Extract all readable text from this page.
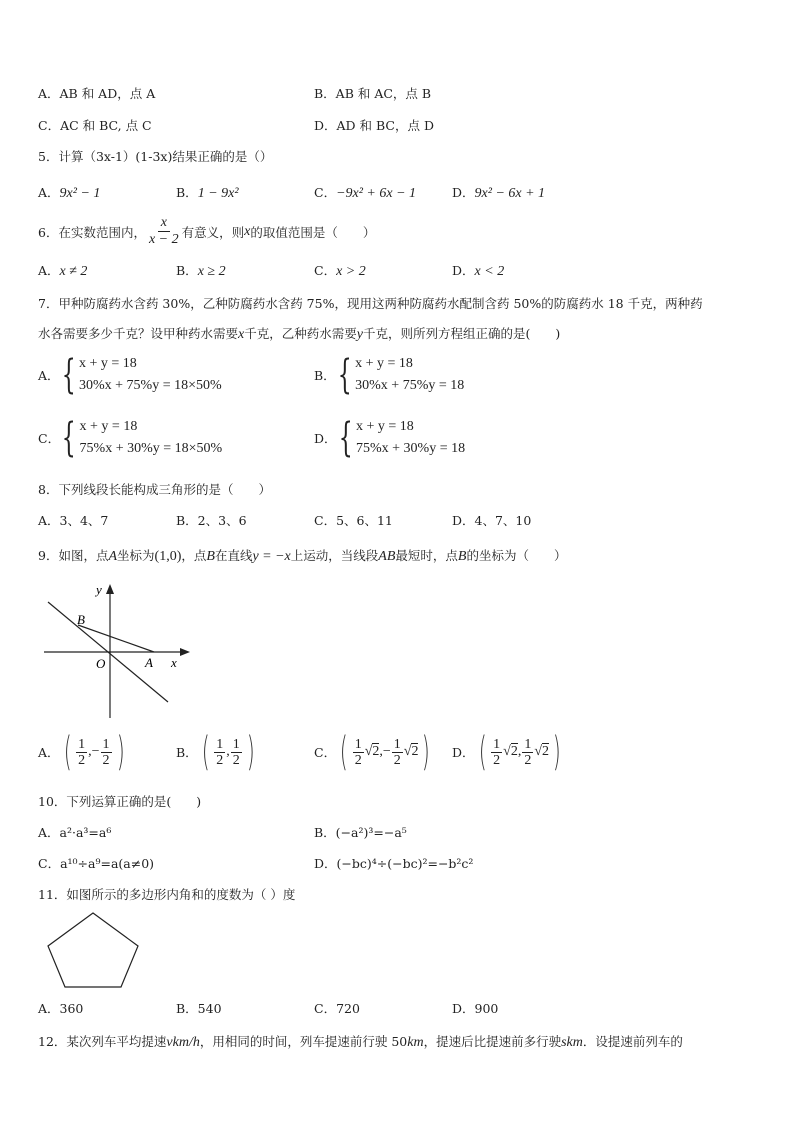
A．AB 和 AD，点 A	B．AB 和 AC，点 B
C．AC 和 BC, 点 C	D．AD 和 BC，点 D
5．计算（3x-1）(1-3x)结果正确的是（）
A．9x² − 1	B．1 − 9x²	C．−9x² + 6x − 1	D．9x² − 6x + 1
6．在实数范围内， $\frac{x}{x - 2}$ 有意义，则 x 的取值范围是（　　）
A．x ≠ 2	B．x ≥ 2	C．x > 2	D．x < 2
7．甲种防腐药水含药 30%，乙种防腐药水含药 75%，现用这两种防腐药水配制含药 50%的防腐药水 18 千克，两种药
水各需要多少千克？设甲种药水需要x千克，乙种药水需要y千克，则所列方程组正确的是(　　)
A． { x + y = 18
30%x + 75%y = 18×50%
B． { x + y = 18
30%x + 75%y = 18
C． { x + y = 18
75%x + 30%y = 18×50%
D． { x + y = 18
75%x + 30%y = 18
8．下列线段长能构成三角形的是（　　）
A．3、4、7	B．2、3、6	C．5、6、11	D．4、7、10
9．如图，点A坐标为(1,0)，点B在直线y = −x上运动，当线段AB最短时，点B的坐标为（　　）
y
x
B
O	A
A． ( 1
2
, − $\frac{1}{2}$ )	B． ( 1
2
, 1
2 )	C． ( 1
2
√2 , − $\frac{1}{2} √2$ ) D． ( 1
2
√2 , 1
2
√2 )
10．下列运算正确的是(　　)
A．a²·a³=a⁶	B．(−a²)³=−a⁵
C．a¹⁰÷a⁹=a(a≠0)	D．(−bc)⁴÷(−bc)²=−b²c²
11．如图所示的多边形内角和的度数为（ ）度
A．360	B．540	C．720	D．900
12．某次列车平均提速vkm/h，用相同的时间，列车提速前行驶 50km，提速后比提速前多行驶skm．设提速前列车的
